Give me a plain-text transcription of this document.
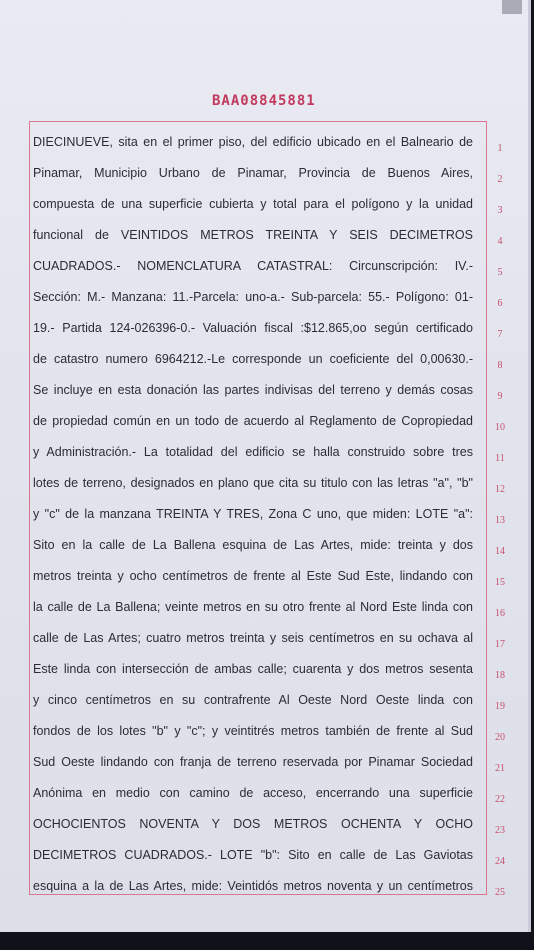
BAA08845881
DIECINUEVE, sita en el primer piso, del edificio ubicado en el Balneario de	1
Pinamar, Municipio Urbano de Pinamar, Provincia de Buenos Aires,	2
compuesta de una superficie cubierta y total para el polígono y la unidad	3
funcional de VEINTIDOS METROS TREINTA Y SEIS DECIMETROS	4
CUADRADOS.- NOMENCLATURA CATASTRAL: Circunscripción: IV.-	5
Sección: M.- Manzana: 11.-Parcela: uno-a.- Sub-parcela: 55.- Polígono: 01-	6
19.- Partida 124-026396-0.- Valuación fiscal :$12.865,oo según certificado	7
de catastro numero 6964212.-Le corresponde un coeficiente del 0,00630.-	8
Se incluye en esta donación las partes indivisas del terreno y demás cosas	9
de propiedad común en un todo de acuerdo al Reglamento de Copropiedad	10
y Administración.- La totalidad del edificio se halla construido sobre tres	11
lotes de terreno, designados en plano que cita su titulo con las letras "a", "b"	12
y "c" de la manzana TREINTA Y TRES, Zona C uno, que miden: LOTE "a":	13
Sito en la calle de La Ballena esquina de Las Artes, mide: treinta y dos	14
metros treinta y ocho centímetros de frente al Este Sud Este, lindando con	15
la calle de La Ballena; veinte metros en su otro frente al Nord Este linda con	16
calle de Las Artes; cuatro metros treinta y seis centímetros en su ochava al	17
Este linda con intersección de ambas calle; cuarenta y dos metros sesenta	18
y cinco centímetros en su contrafrente Al Oeste Nord Oeste linda con	19
fondos de los lotes "b" y "c"; y veintitrés metros también de frente al Sud	20
Sud Oeste lindando con franja de terreno reservada por Pinamar Sociedad	21
Anónima en medio con camino de acceso, encerrando una superficie	22
OCHOCIENTOS NOVENTA Y DOS METROS OCHENTA Y OCHO	23
DECIMETROS CUADRADOS.- LOTE "b": Sito en calle de Las Gaviotas	24
esquina a la de Las Artes, mide: Veintidós metros noventa y un centímetros	25
